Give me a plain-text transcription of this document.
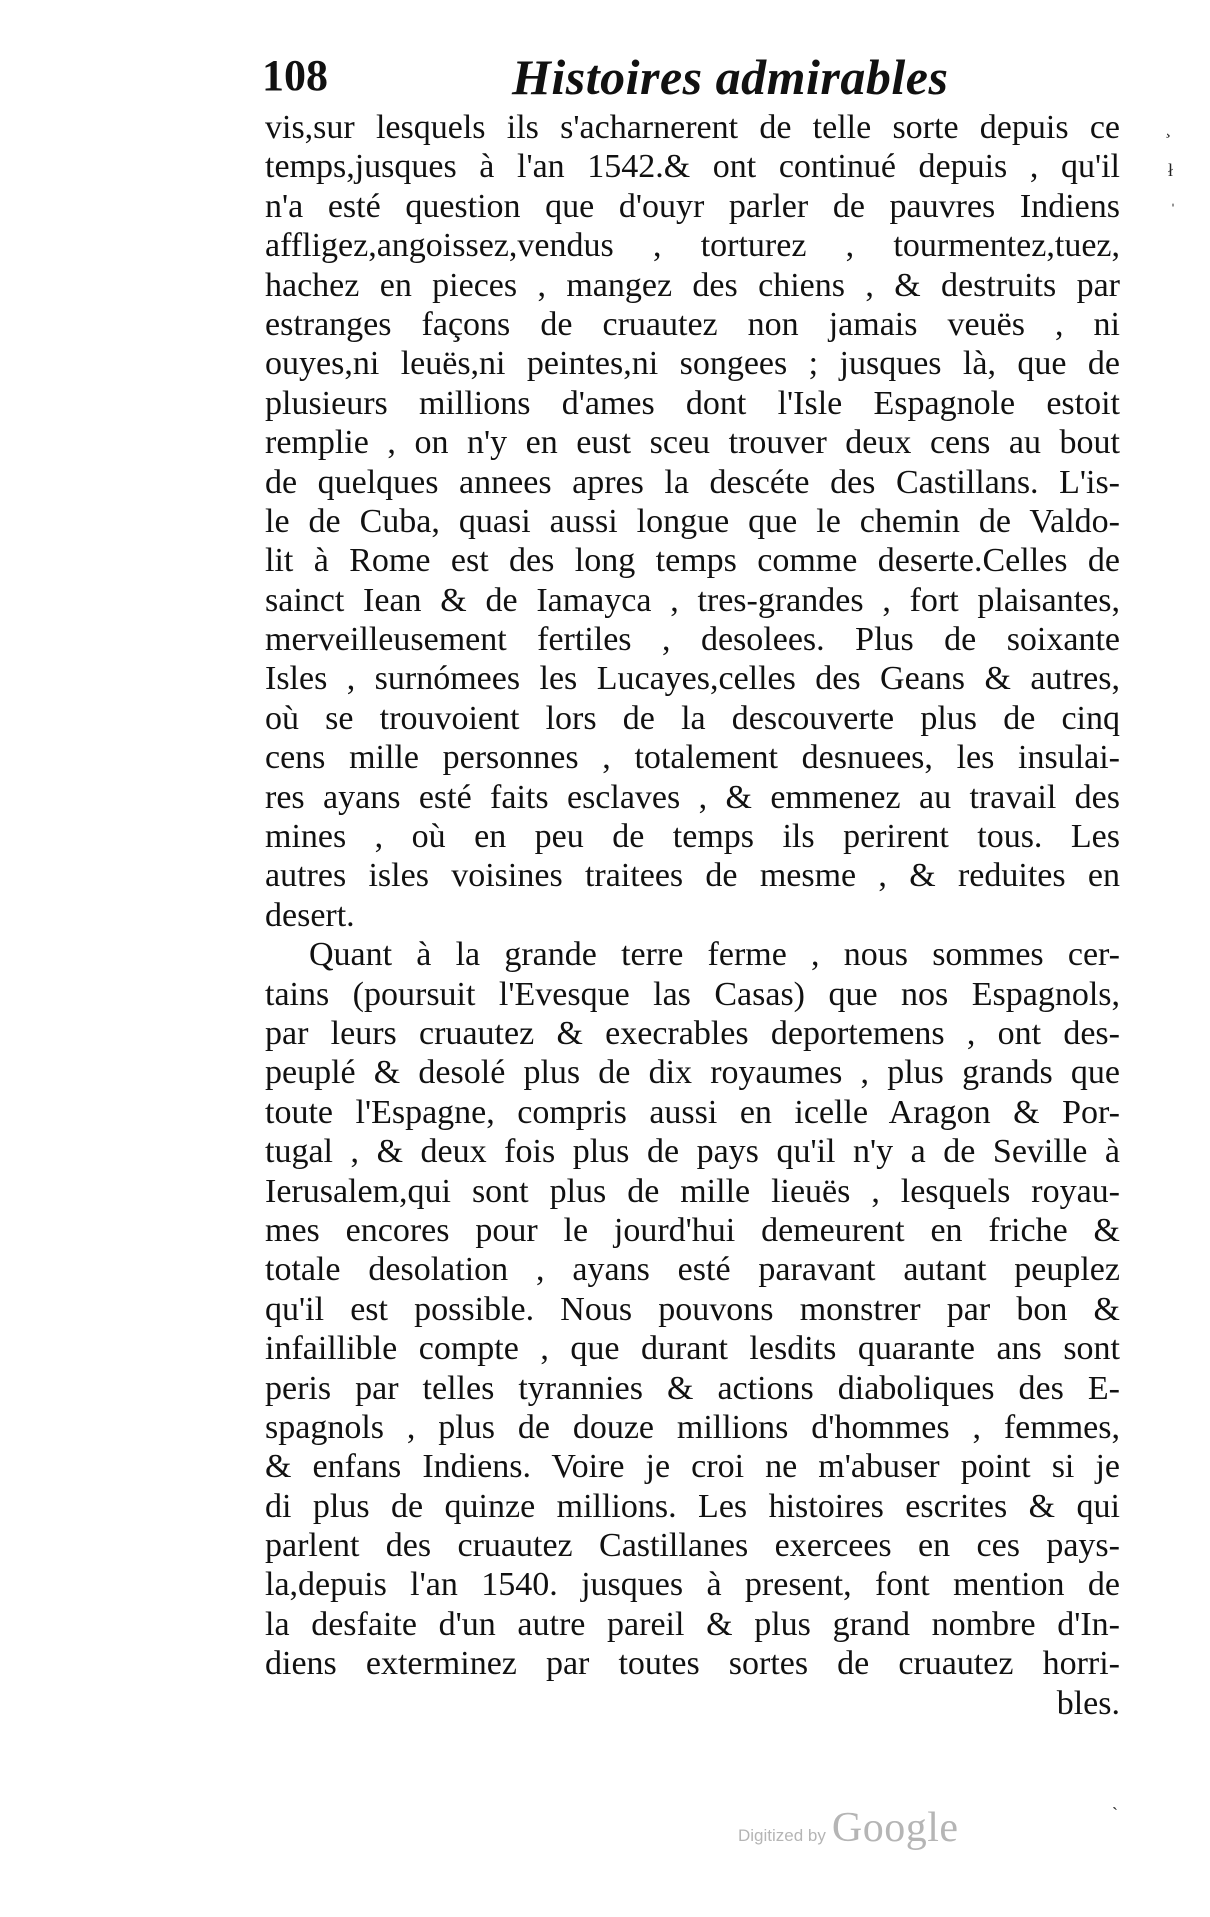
108	Histoires admirables
vis,sur lesquels ils s'acharnerent de telle sorte depuis ce
temps,jusques à l'an 1542.& ont continué depuis , qu'il
n'a esté question que d'ouyr parler de pauvres Indiens
affligez,angoissez,vendus , torturez , tourmentez,tuez,
hachez en pieces , mangez des chiens , & destruits par
estranges façons de cruautez non jamais veuës , ni
ouyes,ni leuës,ni peintes,ni songees ; jusques là, que de
plusieurs millions d'ames dont l'Isle Espagnole estoit
remplie , on n'y en eust sceu trouver deux cens au bout
de quelques annees apres la descéte des Castillans. L'is-
le de Cuba, quasi aussi longue que le chemin de Valdo-
lit à Rome est des long temps comme deserte.Celles de
sainct Iean & de Iamayca , tres-grandes , fort plaisantes,
merveilleusement fertiles , desolees. Plus de soixante
Isles , surnómees les Lucayes,celles des Geans & autres,
où se trouvoient lors de la descouverte plus de cinq
cens mille personnes , totalement desnuees, les insulai-
res ayans esté faits esclaves , & emmenez au travail des
mines , où en peu de temps ils perirent tous. Les
autres isles voisines traitees de mesme , & reduites en
desert.
Quant à la grande terre ferme , nous sommes cer-
tains (poursuit l'Evesque las Casas) que nos Espagnols,
par leurs cruautez & execrables deportemens , ont des-
peuplé & desolé plus de dix royaumes , plus grands que
toute l'Espagne, compris aussi en icelle Aragon & Por-
tugal , & deux fois plus de pays qu'il n'y a de Seville à
Ierusalem,qui sont plus de mille lieuës , lesquels royau-
mes encores pour le jourd'hui demeurent en friche &
totale desolation , ayans esté paravant autant peuplez
qu'il est possible. Nous pouvons monstrer par bon &
infaillible compte , que durant lesdits quarante ans sont
peris par telles tyrannies & actions diaboliques des E-
spagnols , plus de douze millions d'hommes , femmes,
& enfans Indiens. Voire je croi ne m'abuser point si je
di plus de quinze millions. Les histoires escrites & qui
parlent des cruautez Castillanes exercees en ces pays-
la,depuis l'an 1540. jusques à present, font mention de
la desfaite d'un autre pareil & plus grand nombre d'In-
diens exterminez par toutes sortes de cruautez horri-
bles.
¸
ł
ˈ
ˎ
Digitized by Google
